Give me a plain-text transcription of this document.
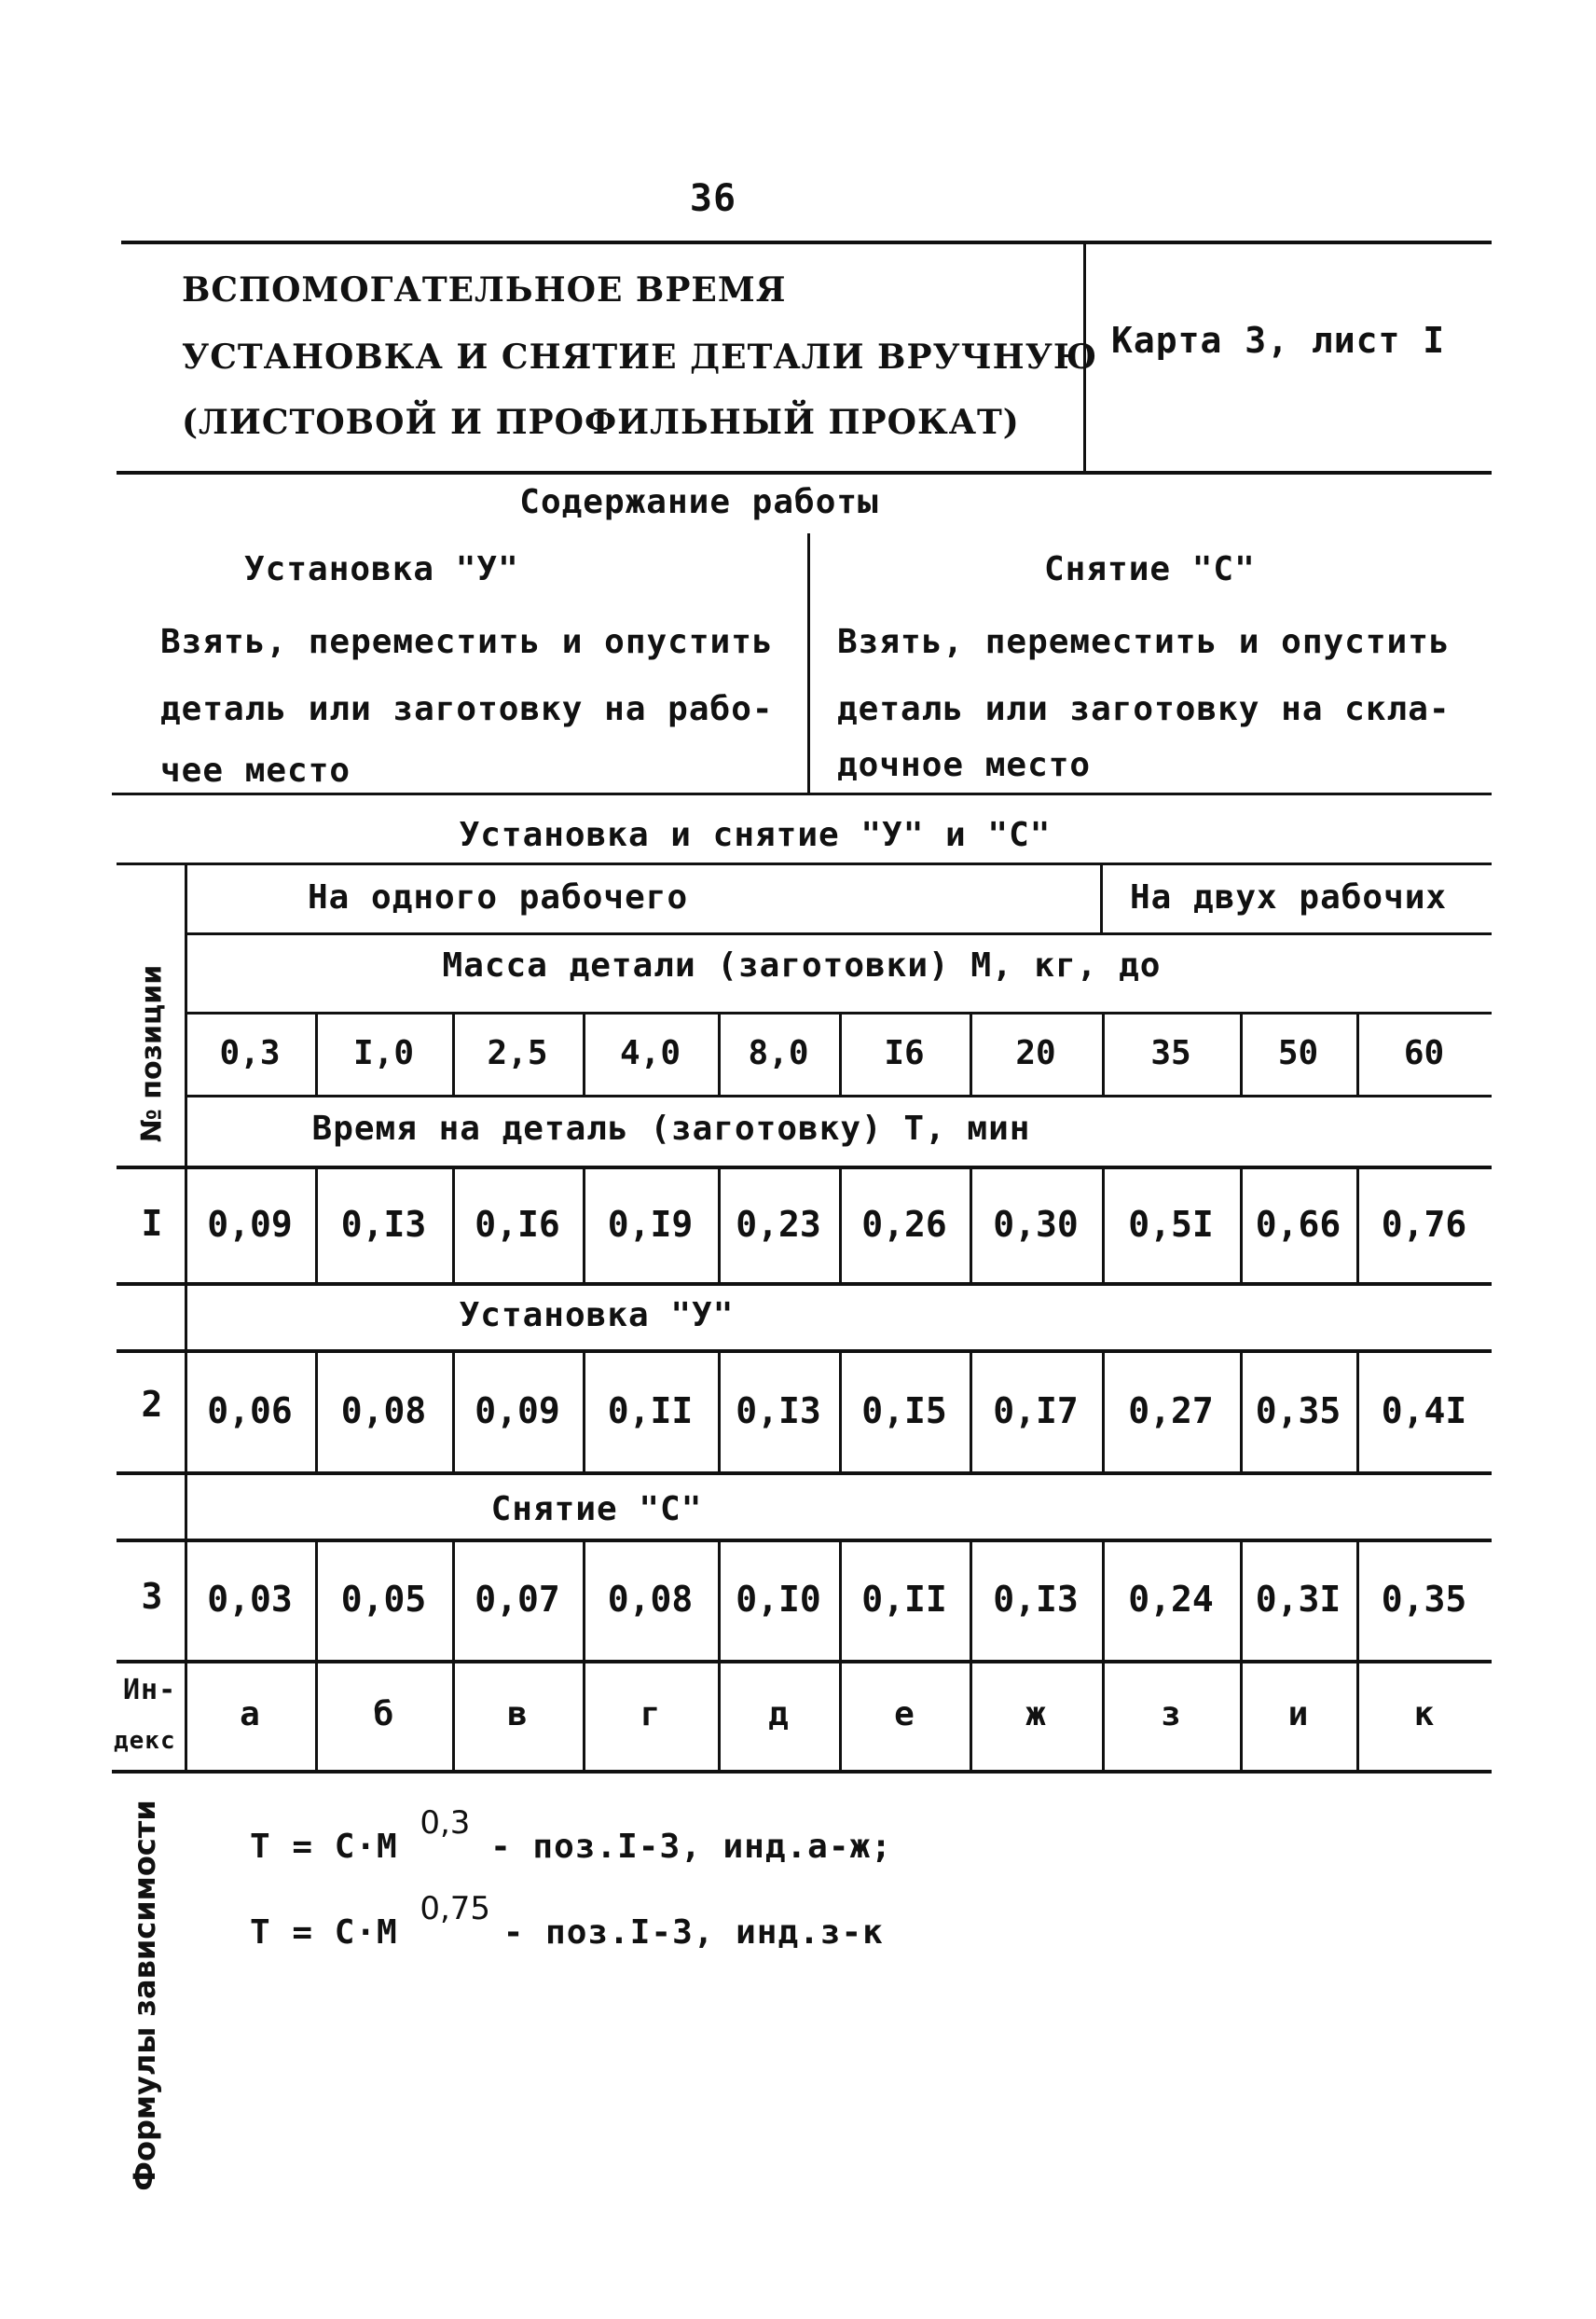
36
ВСПОМОГАТЕЛЬНОЕ ВРЕМЯ
УСТАНОВКА И СНЯТИЕ ДЕТАЛИ ВРУЧНУЮ
(ЛИСТОВОЙ И ПРОФИЛЬНЫЙ ПРОКАТ)
Карта 3, лист I
Содержание работы
Установка "У"
Взять, переместить и опустить
деталь или заготовку на рабо-
чее место
Снятие "С"
Взять, переместить и опустить
деталь или заготовку на скла-
дочное место
Установка и снятие "У" и "С"
№ позиции
На одного рабочего	На двух рабочих
Масса детали (заготовки) М, кг, до
0,3	I,0	2,5	4,0	8,0	I6	20	35	50	60
Время на деталь (заготовку) Т, мин
I	0,09	0,I3	0,I6	0,I9	0,23	0,26	0,30	0,5I	0,66	0,76
Установка "У"
2	0,06	0,08	0,09	0,II	0,I3	0,I5	0,I7	0,27	0,35	0,4I
Снятие "С"
3	0,03	0,05	0,07	0,08	0,I0	0,II	0,I3	0,24	0,3I	0,35
Ин-
декс
а	б	в	г	д	е	ж	з	и	к
Формулы зависимости	Т = С·М 0,3 - поз.I-3, инд.а-ж;
Т = С·М 0,75 - поз.I-3, инд.з-к
